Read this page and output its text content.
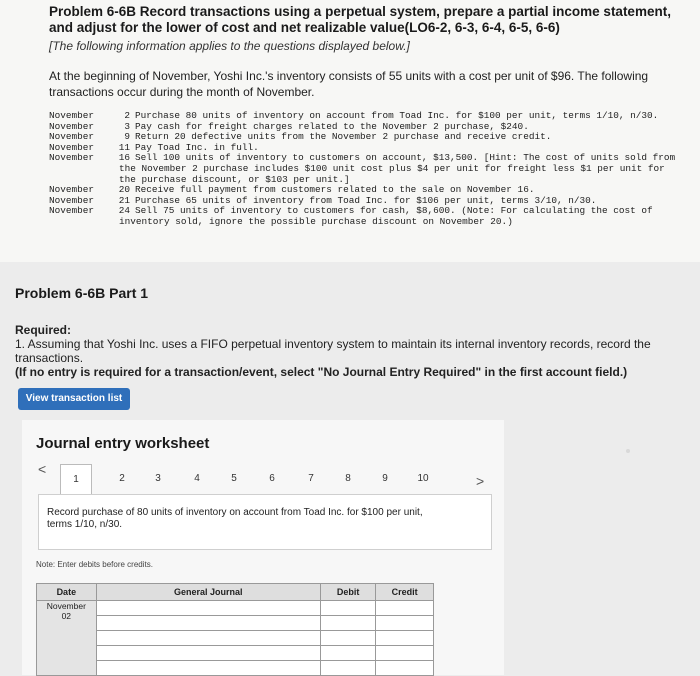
Problem 6-6B Record transactions using a perpetual system, prepare a partial income statement, and adjust for the lower of cost and net realizable value(LO6-2, 6-3, 6-4, 6-5, 6-6)
[The following information applies to the questions displayed below.]
At the beginning of November, Yoshi Inc.'s inventory consists of 55 units with a cost per unit of $96. The following transactions occur during the month of November.
November	2 Purchase 80 units of inventory on account from Toad Inc. for $100 per unit, terms 1/10, n/30.
November	3 Pay cash for freight charges related to the November 2 purchase, $240.
November	9 Return 20 defective units from the November 2 purchase and receive credit.
November	11 Pay Toad Inc. in full.
November	16 Sell 100 units of inventory to customers on account, $13,500. [Hint: The cost of units sold from
the November 2 purchase includes $100 unit cost plus $4 per unit for freight less $1 per unit for
the purchase discount, or $103 per unit.]
November	20 Receive full payment from customers related to the sale on November 16.
November	21 Purchase 65 units of inventory from Toad Inc. for $106 per unit, terms 3/10, n/30.
November	24 Sell 75 units of inventory to customers for cash, $8,600. (Note: For calculating the cost of
inventory sold, ignore the possible purchase discount on November 20.)
Problem 6-6B Part 1
Required:
1. Assuming that Yoshi Inc. uses a FIFO perpetual inventory system to maintain its internal inventory records, record the transactions.
(If no entry is required for a transaction/event, select "No Journal Entry Required" in the first account field.)
View transaction list
Journal entry worksheet
<
1	2	3	4	5	6	7	8	9	10	>
Record purchase of 80 units of inventory on account from Toad Inc. for $100 per unit, terms 1/10, n/30.
Note: Enter debits before credits.
Date	General Journal	Debit	Credit

November
02			
